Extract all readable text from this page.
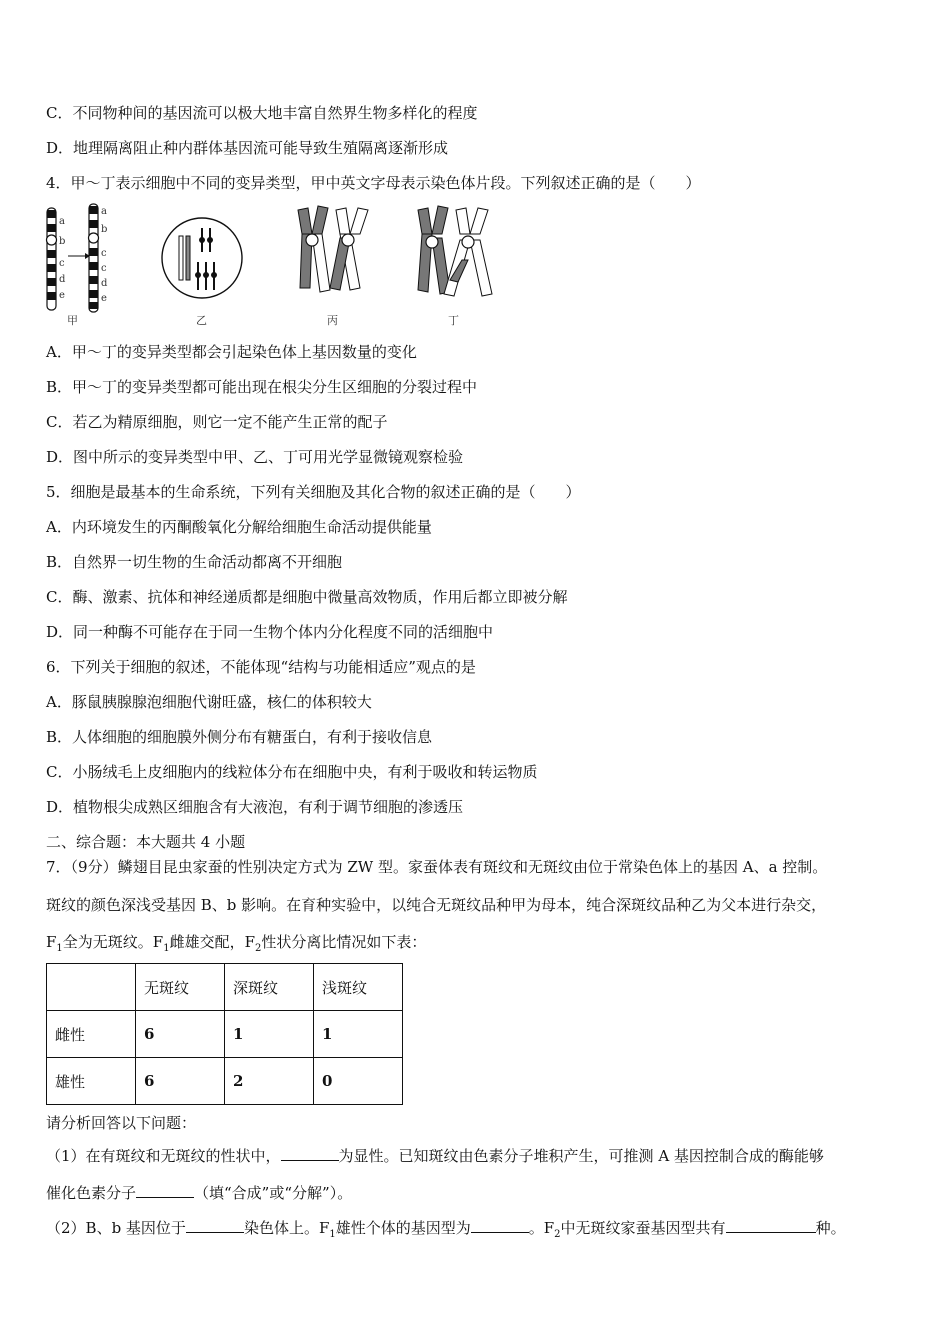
C．不同物种间的基因流可以极大地丰富自然界生物多样化的程度
D．地理隔离阻止种内群体基因流可能导致生殖隔离逐渐形成
4．甲～丁表示细胞中不同的变异类型，甲中英文字母表示染色体片段。下列叙述正确的是（　　）
a
b
c
d
e
a
b
c
c
d
e
甲	乙	丙	丁
A．甲～丁的变异类型都会引起染色体上基因数量的变化
B．甲～丁的变异类型都可能出现在根尖分生区细胞的分裂过程中
C．若乙为精原细胞，则它一定不能产生正常的配子
D．图中所示的变异类型中甲、乙、丁可用光学显微镜观察检验
5．细胞是最基本的生命系统，下列有关细胞及其化合物的叙述正确的是（　　）
A．内环境发生的丙酮酸氧化分解给细胞生命活动提供能量
B．自然界一切生物的生命活动都离不开细胞
C．酶、激素、抗体和神经递质都是细胞中微量高效物质，作用后都立即被分解
D．同一种酶不可能存在于同一生物个体内分化程度不同的活细胞中
6．下列关于细胞的叙述，不能体现“结构与功能相适应”观点的是
A．豚鼠胰腺腺泡细胞代谢旺盛，核仁的体积较大
B．人体细胞的细胞膜外侧分布有糖蛋白，有利于接收信息
C．小肠绒毛上皮细胞内的线粒体分布在细胞中央，有利于吸收和转运物质
D．植物根尖成熟区细胞含有大液泡，有利于调节细胞的渗透压
二、综合题：本大题共 4 小题
7．（9分）鳞翅目昆虫家蚕的性别决定方式为 ZW 型。家蚕体表有斑纹和无斑纹由位于常染色体上的基因 A、a 控制。
斑纹的颜色深浅受基因 B、b 影响。在育种实验中，以纯合无斑纹品种甲为母本，纯合深斑纹品种乙为父本进行杂交，
$F_1$全为无斑纹。$F_1$雌雄交配，$F_2$性状分离比情况如下表：
	无斑纹	深斑纹	浅斑纹
雌性	6	1	1
雄性	6	2	0
请分析回答以下问题：
（1）在有斑纹和无斑纹的性状中，	为显性。已知斑纹由色素分子堆积产生，可推测 A 基因控制合成的酶能够
催化色素分子	（填“合成”或“分解”）。
（2）B、b 基因位于	染色体上。$F_1$雄性个体的基因型为	。$F_2$中无斑纹家蚕基因型共有	种。
